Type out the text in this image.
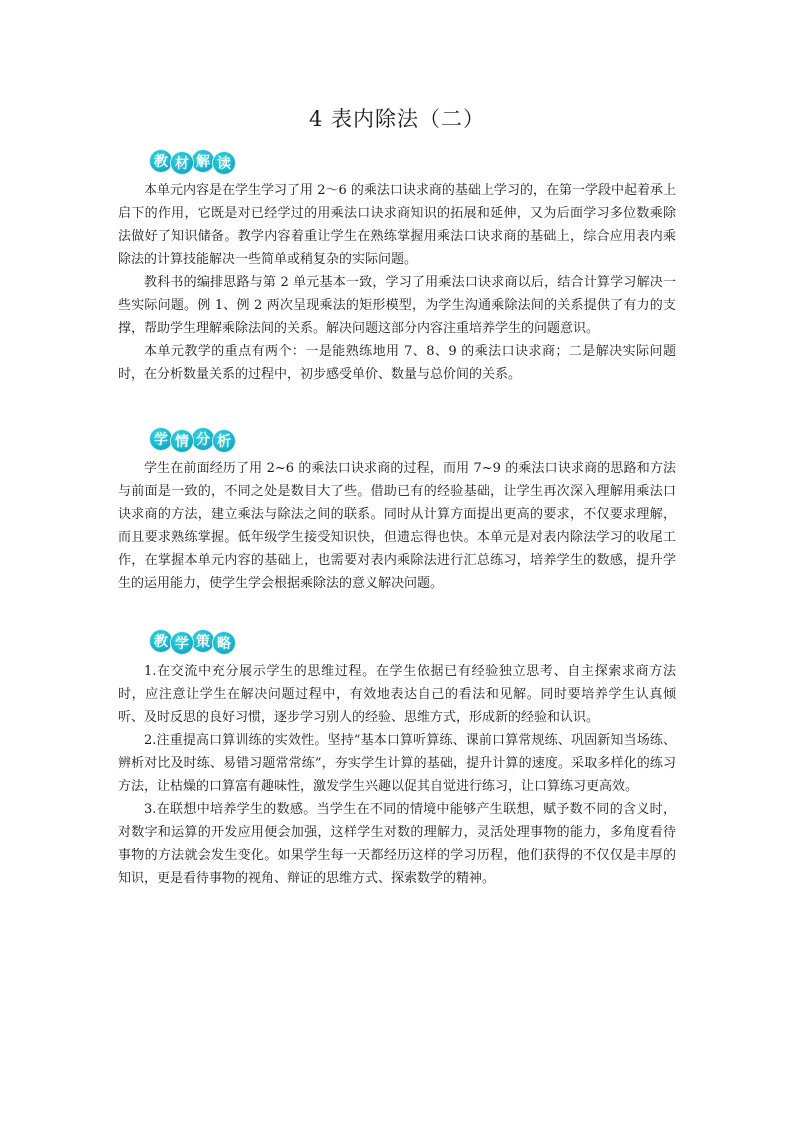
4 表内除法（二）
教 材 解 读

本单元内容是在学生学习了用 2～6 的乘法口诀求商的基础上学习的，在第一学段中起着承上启下的作用，它既是对已经学过的用乘法口诀求商知识的拓展和延伸，又为后面学习多位数乘除法做好了知识储备。教学内容着重让学生在熟练掌握用乘法口诀求商的基础上，综合应用表内乘除法的计算技能解决一些简单或稍复杂的实际问题。

教科书的编排思路与第 2 单元基本一致，学习了用乘法口诀求商以后，结合计算学习解决一些实际问题。例 1、例 2 两次呈现乘法的矩形模型，为学生沟通乘除法间的关系提供了有力的支撑，帮助学生理解乘除法间的关系。解决问题这部分内容注重培养学生的问题意识。

本单元教学的重点有两个：一是能熟练地用 7、8、9 的乘法口诀求商；二是解决实际问题时，在分析数量关系的过程中，初步感受单价、数量与总价间的关系。

学 情 分 析

学生在前面经历了用 2~6 的乘法口诀求商的过程，而用 7~9 的乘法口诀求商的思路和方法与前面是一致的，不同之处是数目大了些。借助已有的经验基础，让学生再次深入理解用乘法口诀求商的方法，建立乘法与除法之间的联系。同时从计算方面提出更高的要求，不仅要求理解，而且要求熟练掌握。低年级学生接受知识快，但遗忘得也快。本单元是对表内除法学习的收尾工作，在掌握本单元内容的基础上，也需要对表内乘除法进行汇总练习，培养学生的数感，提升学生的运用能力，使学生学会根据乘除法的意义解决问题。

教 学 策 略

1.在交流中充分展示学生的思维过程。在学生依据已有经验独立思考、自主探索求商方法时，应注意让学生在解决问题过程中，有效地表达自己的看法和见解。同时要培养学生认真倾听、及时反思的良好习惯，逐步学习别人的经验、思维方式，形成新的经验和认识。

2.注重提高口算训练的实效性。坚持“基本口算听算练、课前口算常规练、巩固新知当场练、辨析对比及时练、易错习题常常练”，夯实学生计算的基础，提升计算的速度。采取多样化的练习方法，让枯燥的口算富有趣味性，激发学生兴趣以促其自觉进行练习，让口算练习更高效。

3.在联想中培养学生的数感。当学生在不同的情境中能够产生联想，赋予数不同的含义时，对数字和运算的开发应用便会加强，这样学生对数的理解力，灵活处理事物的能力，多角度看待事物的方法就会发生变化。如果学生每一天都经历这样的学习历程，他们获得的不仅仅是丰厚的知识，更是看待事物的视角、辩证的思维方式、探索数学的精神。
